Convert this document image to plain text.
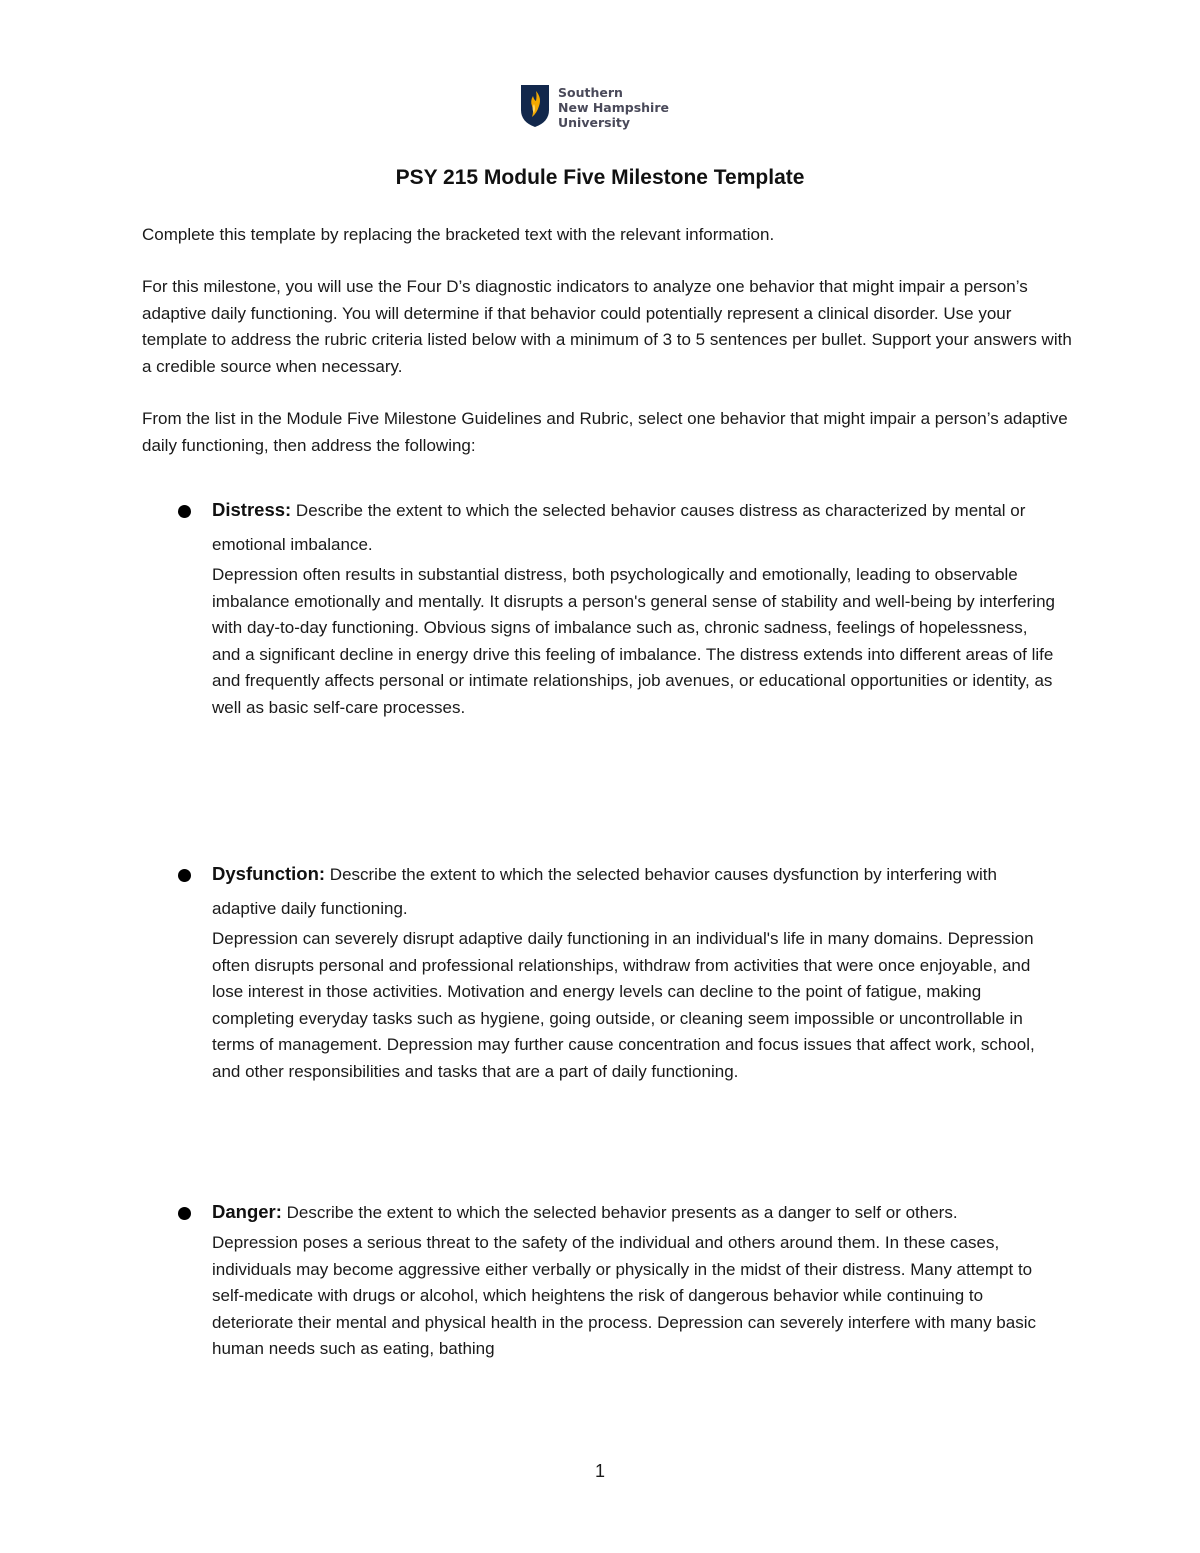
Southern
New Hampshire
University
PSY 215 Module Five Milestone Template
Complete this template by replacing the bracketed text with the relevant information.
For this milestone, you will use the Four D’s diagnostic indicators to analyze one behavior that might impair a person’s adaptive daily functioning. You will determine if that behavior could potentially represent a clinical disorder. Use your template to address the rubric criteria listed below with a minimum of 3 to 5 sentences per bullet. Support your answers with a credible source when necessary.
From the list in the Module Five Milestone Guidelines and Rubric, select one behavior that might impair a person’s adaptive daily functioning, then address the following:
Distress: Describe the extent to which the selected behavior causes distress as characterized by mental or emotional imbalance.
Depression often results in substantial distress, both psychologically and emotionally, leading to observable imbalance emotionally and mentally. It disrupts a person's general sense of stability and well-being by interfering with day-to-day functioning. Obvious signs of imbalance such as, chronic sadness, feelings of hopelessness, and a significant decline in energy drive this feeling of imbalance. The distress extends into different areas of life and frequently affects personal or intimate relationships, job avenues, or educational opportunities or identity, as well as basic self-care processes.
Dysfunction: Describe the extent to which the selected behavior causes dysfunction by interfering with adaptive daily functioning.
Depression can severely disrupt adaptive daily functioning in an individual's life in many domains. Depression often disrupts personal and professional relationships, withdraw from activities that were once enjoyable, and lose interest in those activities. Motivation and energy levels can decline to the point of fatigue, making completing everyday tasks such as hygiene, going outside, or cleaning seem impossible or uncontrollable in terms of management. Depression may further cause concentration and focus issues that affect work, school, and other responsibilities and tasks that are a part of daily functioning.
Danger: Describe the extent to which the selected behavior presents as a danger to self or others.
Depression poses a serious threat to the safety of the individual and others around them. In these cases, individuals may become aggressive either verbally or physically in the midst of their distress. Many attempt to self-medicate with drugs or alcohol, which heightens the risk of dangerous behavior while continuing to deteriorate their mental and physical health in the process. Depression can severely interfere with many basic human needs such as eating, bathing
1
